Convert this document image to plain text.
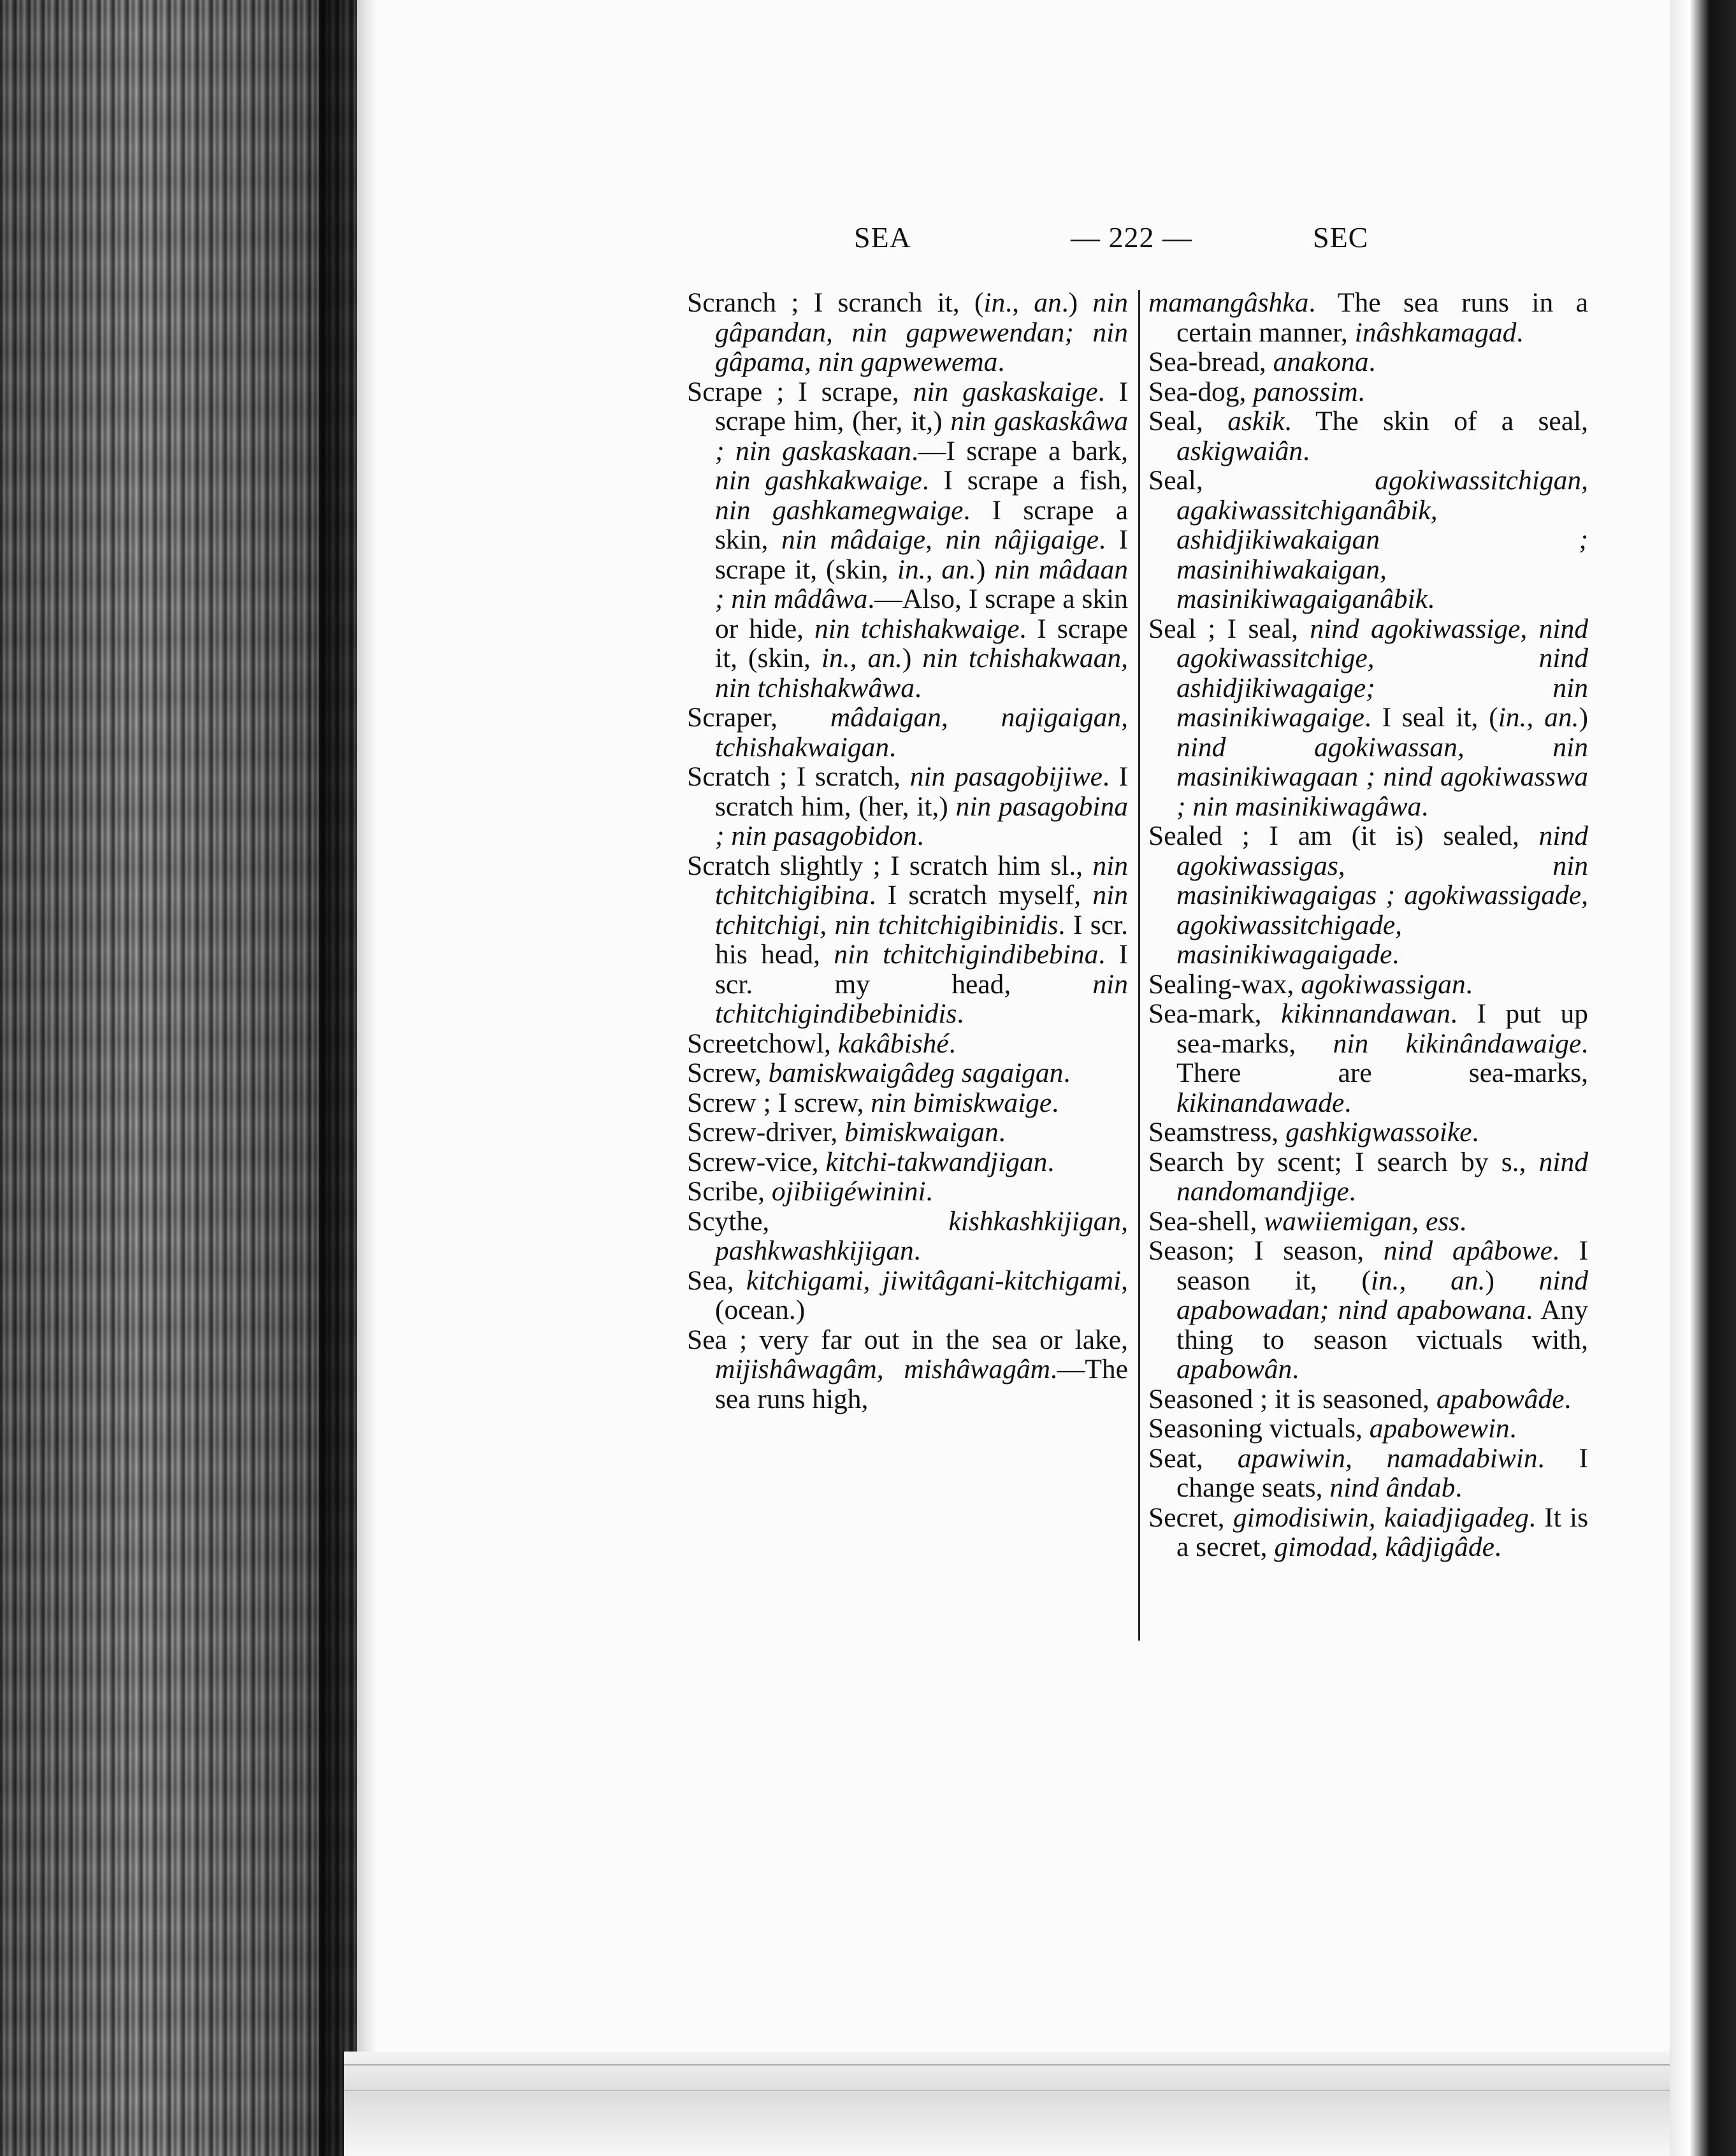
SEA	— 222 —	SEC

Scranch ; I scranch it, (in., an.) nin gâpandan, nin gapwewendan; nin gâpama, nin gapwewema.

Scrape ; I scrape, nin gaskaskaige. I scrape him, (her, it,) nin gaskaskâwa ; nin gaskaskaan.—I scrape a bark, nin gashkakwaige. I scrape a fish, nin gashkamegwaige. I scrape a skin, nin mâdaige, nin nâjigaige. I scrape it, (skin, in., an.) nin mâdaan ; nin mâdâwa.—Also, I scrape a skin or hide, nin tchishakwaige. I scrape it, (skin, in., an.) nin tchishakwaan, nin tchishakwâwa.

Scraper, mâdaigan, najigaigan, tchishakwaigan.

Scratch ; I scratch, nin pasagobijiwe. I scratch him, (her, it,) nin pasagobina ; nin pasagobidon.

Scratch slightly ; I scratch him sl., nin tchitchigibina. I scratch myself, nin tchitchigi, nin tchitchigibinidis. I scr. his head, nin tchitchigindibebina. I scr. my head, nin tchitchigindibebinidis.

Screetchowl, kakâbishé.

Screw, bamiskwaigâdeg sagaigan.

Screw ; I screw, nin bimiskwaige.

Screw-driver, bimiskwaigan.

Screw-vice, kitchi-takwandjigan.

Scribe, ojibiigéwinini.

Scythe, kishkashkijigan, pashkwashkijigan.

Sea, kitchigami, jiwitâgani-kitchigami, (ocean.)

Sea ; very far out in the sea or lake, mijishâwagâm, mishâwagâm.—The sea runs high,

mamangâshka. The sea runs in a certain manner, inâshkamagad.

Sea-bread, anakona.

Sea-dog, panossim.

Seal, askik. The skin of a seal, askigwaiân.

Seal, agokiwassitchigan, agakiwassitchiganâbik, ashidjikiwakaigan ; masinihiwakaigan, masinikiwagaiganâbik.

Seal ; I seal, nind agokiwassige, nind agokiwassitchige, nind ashidjikiwagaige; nin masinikiwagaige. I seal it, (in., an.) nind agokiwassan, nin masinikiwagaan ; nind agokiwasswa ; nin masinikiwagâwa.

Sealed ; I am (it is) sealed, nind agokiwassigas, nin masinikiwagaigas ; agokiwassigade, agokiwassitchigade, masinikiwagaigade.

Sealing-wax, agokiwassigan.

Sea-mark, kikinnandawan. I put up sea-marks, nin kikinândawaige. There are sea-marks, kikinandawade.

Seamstress, gashkigwassoike.

Search by scent; I search by s., nind nandomandjige.

Sea-shell, wawiiemigan, ess.

Season; I season, nind apâbowe. I season it, (in., an.) nind apabowadan; nind apabowana. Any thing to season victuals with, apabowân.

Seasoned ; it is seasoned, apabowâde.

Seasoning victuals, apabowewin.

Seat, apawiwin, namadabiwin. I change seats, nind ândab.

Secret, gimodisiwin, kaiadjigadeg. It is a secret, gimodad, kâdjigâde.
